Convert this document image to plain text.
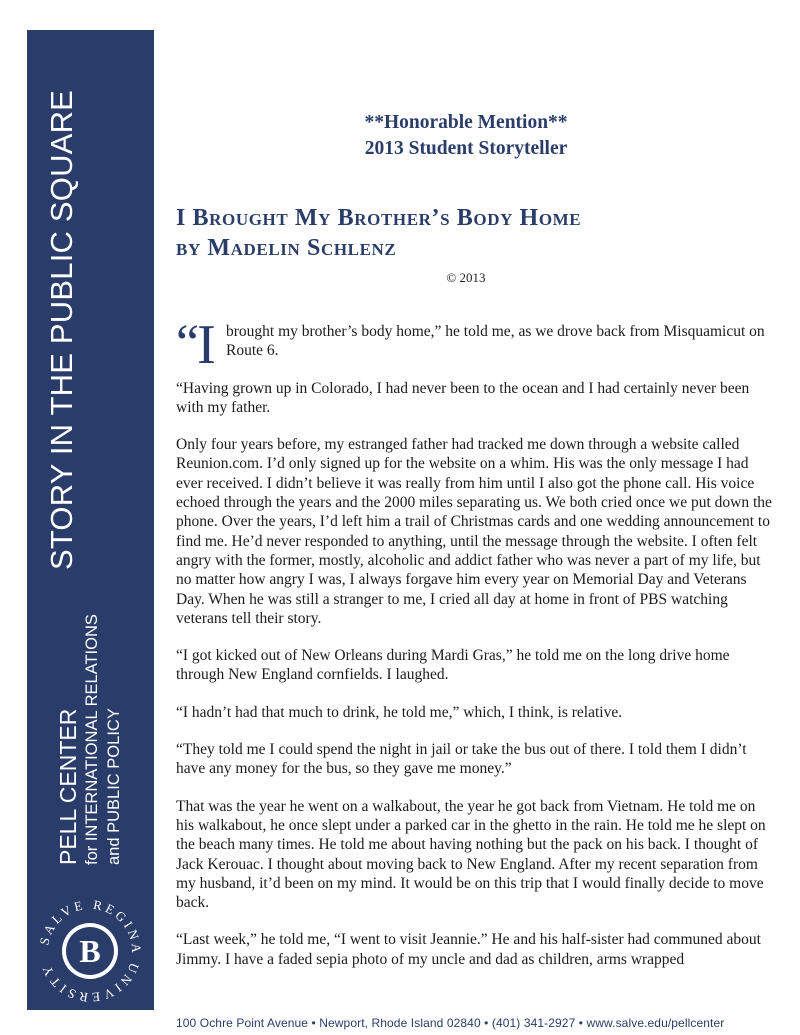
STORY IN THE PUBLIC SQUARE
PELL CENTER for INTERNATIONAL RELATIONS and PUBLIC POLICY
SALVE REGINA UNIVERSITY
B
**Honorable Mention**
2013 Student Storyteller
I Brought My Brother’s Body Home
by Madelin Schlenz
© 2013

“I brought my brother’s body home,” he told me, as we drove back from Misquamicut on Route 6.

“Having grown up in Colorado, I had never been to the ocean and I had certainly never been with my father.

Only four years before, my estranged father had tracked me down through a website called Reunion.com. I’d only signed up for the website on a whim. His was the only message I had ever received. I didn’t believe it was really from him until I also got the phone call. His voice echoed through the years and the 2000 miles separating us. We both cried once we put down the phone. Over the years, I’d left him a trail of Christmas cards and one wedding announcement to find me. He’d never responded to anything, until the message through the website. I often felt angry with the former, mostly, alcoholic and addict father who was never a part of my life, but no matter how angry I was, I always forgave him every year on Memorial Day and Veterans Day. When he was still a stranger to me, I cried all day at home in front of PBS watching veterans tell their story.

“I got kicked out of New Orleans during Mardi Gras,” he told me on the long drive home through New England cornfields. I laughed.

“I hadn’t had that much to drink, he told me,” which, I think, is relative.

“They told me I could spend the night in jail or take the bus out of there. I told them I didn’t have any money for the bus, so they gave me money.”

That was the year he went on a walkabout, the year he got back from Vietnam. He told me on his walkabout, he once slept under a parked car in the ghetto in the rain. He told me he slept on the beach many times. He told me about having nothing but the pack on his back. I thought of Jack Kerouac. I thought about moving back to New England. After my recent separation from my husband, it’d been on my mind. It would be on this trip that I would finally decide to move back.

“Last week,” he told me, “I went to visit Jeannie.” He and his half-sister had communed about Jimmy. I have a faded sepia photo of my uncle and dad as children, arms wrapped

100 Ochre Point Avenue • Newport, Rhode Island 02840 • (401) 341-2927 • www.salve.edu/pellcenter
